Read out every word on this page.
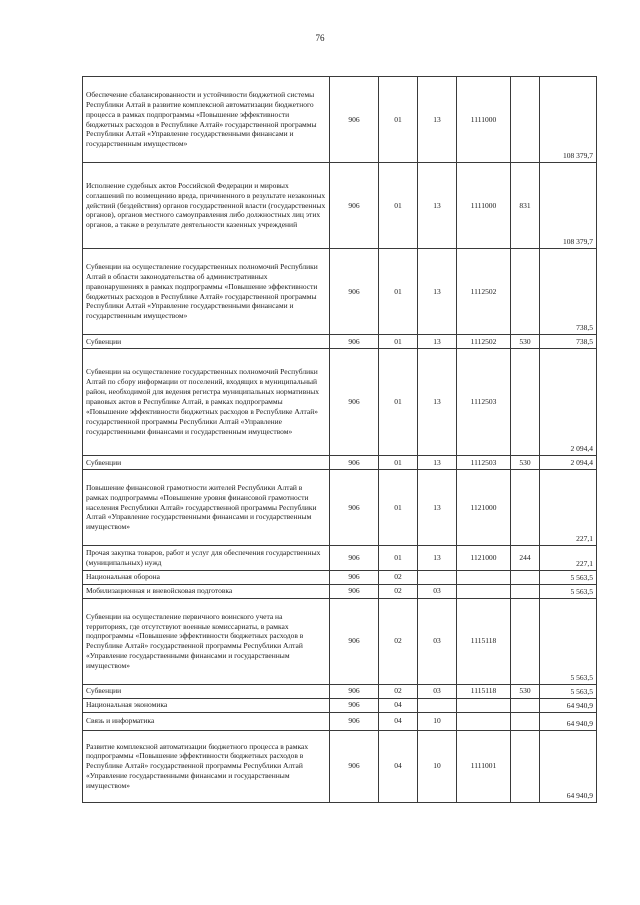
76
Обеспечение сбалансированности и устойчивости бюджетной системы Республики Алтай в развитие комплексной автоматизации бюджетного процесса в рамках подпрограммы «Повышение эффективности бюджетных расходов в Республике Алтай» государственной программы Республики Алтай «Управление государственными финансами и государственным имуществом»	906	01	13	1111000		108 379,7
Исполнение судебных актов Российской Федерации и мировых соглашений по возмещению вреда, причиненного в результате незаконных действий (бездействия) органов государственной власти (государственных органов), органов местного самоуправления либо должностных лиц этих органов, а также в результате деятельности казенных учреждений	906	01	13	1111000	831	108 379,7
Субвенции на осуществление государственных полномочий Республики Алтай в области законодательства об административных правонарушениях в рамках подпрограммы «Повышение эффективности бюджетных расходов в Республике Алтай» государственной программы Республики Алтай «Управление государственными финансами и государственным имуществом»	906	01	13	1112502		738,5
Субвенции	906	01	13	1112502	530	738,5
Субвенции на осуществление государственных полномочий Республики Алтай по сбору информации от поселений, входящих в муниципальный район, необходимой для ведения регистра муниципальных нормативных правовых актов в Республике Алтай, в рамках подпрограммы «Повышение эффективности бюджетных расходов в Республике Алтай» государственной программы Республики Алтай «Управление государственными финансами и государственным имуществом»	906	01	13	1112503		2 094,4
Субвенции	906	01	13	1112503	530	2 094,4
Повышение финансовой грамотности жителей Республики Алтай в рамках подпрограммы «Повышение уровня финансовой грамотности населения Республики Алтай» государственной программы Республики Алтай «Управление государственными финансами и государственным имуществом»	906	01	13	1121000		227,1
Прочая закупка товаров, работ и услуг для обеспечения государственных (муниципальных) нужд	906	01	13	1121000	244	227,1
Национальная оборона	906	02				5 563,5
Мобилизационная и вневойсковая подготовка	906	02	03			5 563,5
Субвенции на осуществление первичного воинского учета на территориях, где отсутствуют военные комиссариаты, в рамках подпрограммы «Повышение эффективности бюджетных расходов в Республике Алтай» государственной программы Республики Алтай «Управление государственными финансами и государственным имуществом»	906	02	03	1115118		5 563,5
Субвенции	906	02	03	1115118	530	5 563,5
Национальная экономика	906	04				64 940,9
Связь и информатика	906	04	10			64 940,9
Развитие комплексной автоматизации бюджетного процесса в рамках подпрограммы «Повышение эффективности бюджетных расходов в Республике Алтай» государственной программы Республики Алтай «Управление государственными финансами и государственным имуществом»	906	04	10	1111001		64 940,9
